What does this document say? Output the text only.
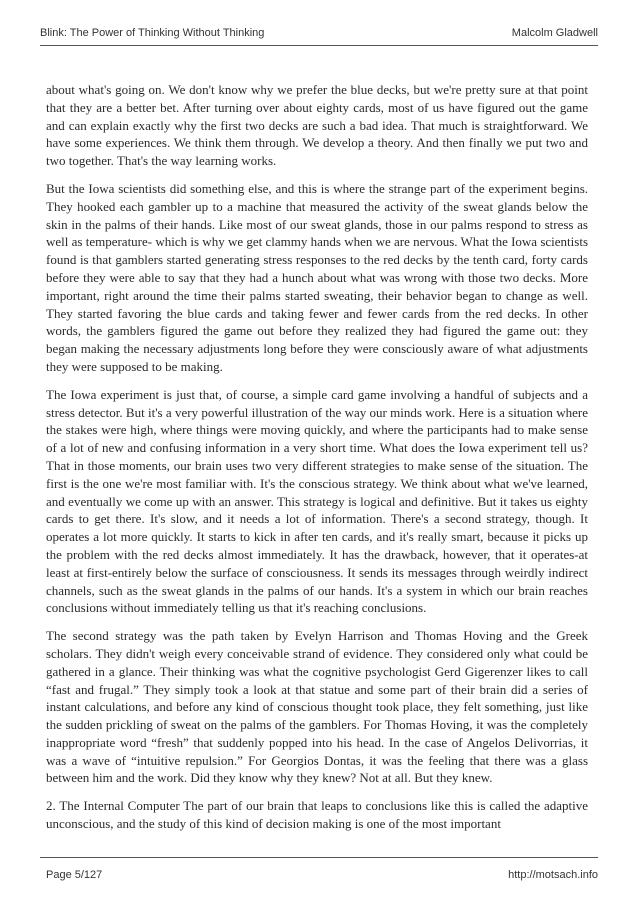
Blink: The Power of Thinking Without Thinking	Malcolm Gladwell

about what's going on. We don't know why we prefer the blue decks, but we're pretty sure at that point that they are a better bet. After turning over about eighty cards, most of us have figured out the game and can explain exactly why the first two decks are such a bad idea. That much is straightforward. We have some experiences. We think them through. We develop a theory. And then finally we put two and two together. That's the way learning works.

But the Iowa scientists did something else, and this is where the strange part of the experiment begins. They hooked each gambler up to a machine that measured the activity of the sweat glands below the skin in the palms of their hands. Like most of our sweat glands, those in our palms respond to stress as well as temperature- which is why we get clammy hands when we are nervous. What the Iowa scientists found is that gamblers started generating stress responses to the red decks by the tenth card, forty cards before they were able to say that they had a hunch about what was wrong with those two decks. More important, right around the time their palms started sweating, their behavior began to change as well. They started favoring the blue cards and taking fewer and fewer cards from the red decks. In other words, the gamblers figured the game out before they realized they had figured the game out: they began making the necessary adjustments long before they were consciously aware of what adjustments they were supposed to be making.

The Iowa experiment is just that, of course, a simple card game involving a handful of subjects and a stress detector. But it's a very powerful illustration of the way our minds work. Here is a situation where the stakes were high, where things were moving quickly, and where the participants had to make sense of a lot of new and confusing information in a very short time. What does the Iowa experiment tell us? That in those moments, our brain uses two very different strategies to make sense of the situation. The first is the one we're most familiar with. It's the conscious strategy. We think about what we've learned, and eventually we come up with an answer. This strategy is logical and definitive. But it takes us eighty cards to get there. It's slow, and it needs a lot of information. There's a second strategy, though. It operates a lot more quickly. It starts to kick in after ten cards, and it's really smart, because it picks up the problem with the red decks almost immediately. It has the drawback, however, that it operates-at least at first-entirely below the surface of consciousness. It sends its messages through weirdly indirect channels, such as the sweat glands in the palms of our hands. It's a system in which our brain reaches conclusions without immediately telling us that it's reaching conclusions.

The second strategy was the path taken by Evelyn Harrison and Thomas Hoving and the Greek scholars. They didn't weigh every conceivable strand of evidence. They considered only what could be gathered in a glance. Their thinking was what the cognitive psychologist Gerd Gigerenzer likes to call “fast and frugal.” They simply took a look at that statue and some part of their brain did a series of instant calculations, and before any kind of conscious thought took place, they felt something, just like the sudden prickling of sweat on the palms of the gamblers. For Thomas Hoving, it was the completely inappropriate word “fresh” that suddenly popped into his head. In the case of Angelos Delivorrias, it was a wave of “intuitive repulsion.” For Georgios Dontas, it was the feeling that there was a glass between him and the work. Did they know why they knew? Not at all. But they knew.

2. The Internal Computer The part of our brain that leaps to conclusions like this is called the adaptive unconscious, and the study of this kind of decision making is one of the most important

Page 5/127	http://motsach.info
